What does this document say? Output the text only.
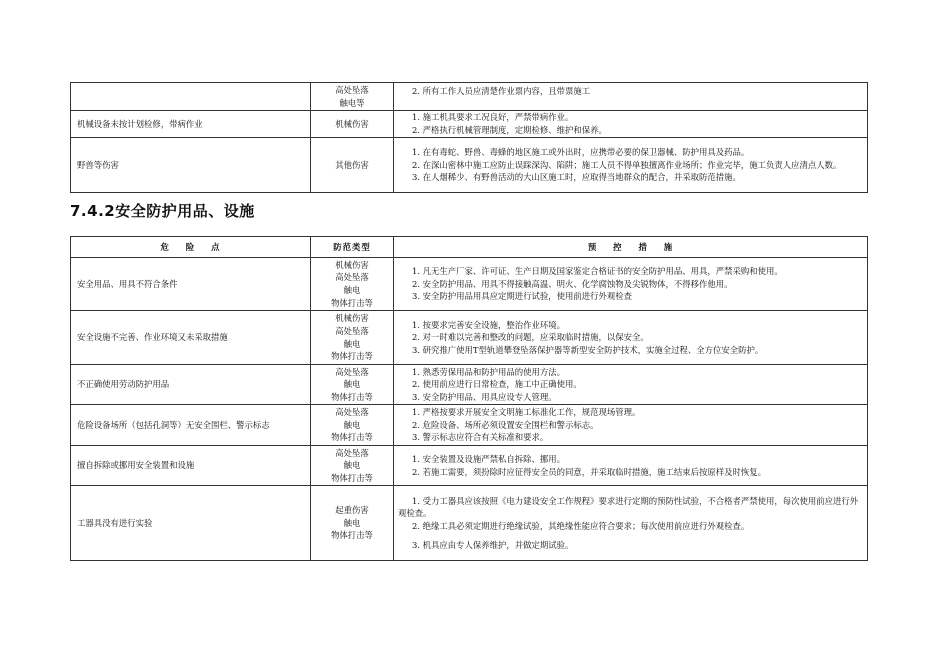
	高处坠落
触电等	2. 所有工作人员应清楚作业票内容，且带票施工

机械设备未按计划检修，带病作业	机械伤害	1. 施工机具要求工况良好，严禁带病作业。
2. 严格执行机械管理制度，定期检修、维护和保养。

野兽等伤害	其他伤害	1. 在有毒蛇、野兽、毒蜂的地区施工或外出时，应携带必要的保卫器械、防护用具及药品。
2. 在深山密林中施工应防止误踩深沟、陷阱；施工人员不得单独擅离作业场所；作业完毕，施工负责人应清点人数。
3. 在人烟稀少、有野兽活动的大山区施工时，应取得当地群众的配合，并采取防范措施。
7.4.2安全防护用品、设施
危 险 点	防范类型	预 控 措 施
安全用品、用具不符合条件	机械伤害
高处坠落
触电
物体打击等	1. 凡无生产厂家、许可证、生产日期及国家鉴定合格证书的安全防护用品、用具，严禁采购和使用。
2. 安全防护用品、用具不得接触高温、明火、化学腐蚀物及尖锐物体，不得移作他用。
3. 安全防护用品用具应定期进行试验，使用前进行外观检查

安全设施不完善、作业环境又未采取措施	机械伤害
高处坠落
触电
物体打击等	1. 按要求完善安全设施，整治作业环境。
2. 对一时难以完善和整改的问题，应采取临时措施，以保安全。
3. 研究推广使用T型轨道攀登坠落保护器等新型安全防护技术，实施全过程、全方位安全防护。

不正确使用劳动防护用品	高处坠落
触电
物体打击等	1. 熟悉劳保用品和防护用品的使用方法。
2. 使用前应进行日常检查，施工中正确使用。
3. 安全防护用品、用具应设专人管理。

危险设备场所（包括孔洞等）无安全围栏、警示标志	高处坠落
触电
物体打击等	1. 严格按要求开展安全文明施工标准化工作，规范现场管理。
2. 危险设备、场所必须设置安全围栏和警示标志。
3. 警示标志应符合有关标准和要求。

擅自拆除或挪用安全装置和设施	高处坠落
触电
物体打击等	1. 安全装置及设施严禁私自拆除、挪用。
2. 若施工需要，须扮除时应征得安全员的同意，并采取临时措施，施工结束后按原样及时恢复。

工器具没有进行实验	起重伤害
触电
物体打击等	1. 受力工器具应该按照《电力建设安全工作规程》要求进行定期的预防性试验，不合格者严禁使用，每次使用前应进行外观检查。
2. 绝缘工具必须定期进行绝缘试验，其绝缘性能应符合要求；每次使用前应进行外观检查。
3. 机具应由专人保养维护，并做定期试验。
